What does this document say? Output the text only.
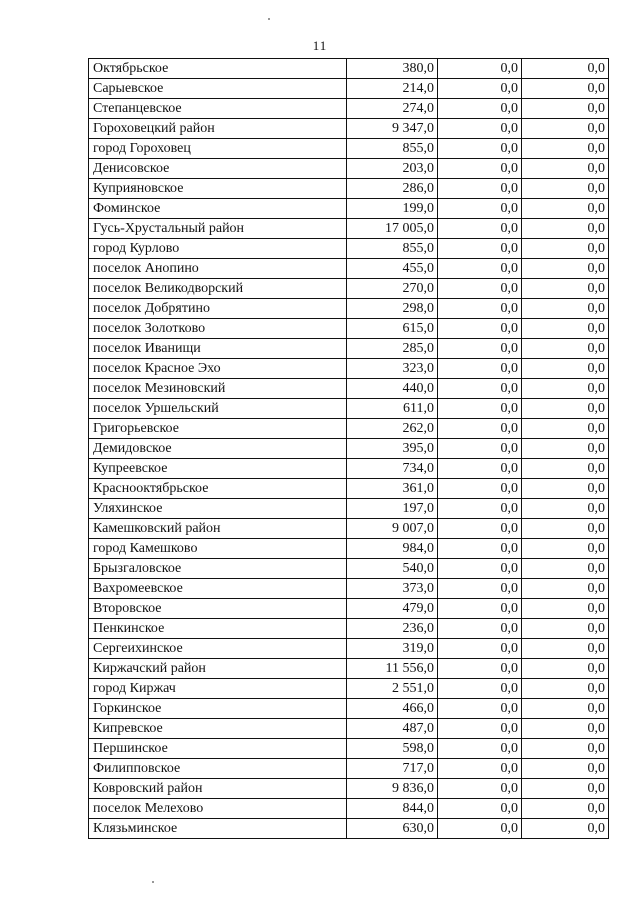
11
Октябрьское	380,0	0,0	0,0
Сарыевское	214,0	0,0	0,0
Степанцевское	274,0	0,0	0,0
Гороховецкий район	9 347,0	0,0	0,0
город Гороховец	855,0	0,0	0,0
Денисовское	203,0	0,0	0,0
Куприяновское	286,0	0,0	0,0
Фоминское	199,0	0,0	0,0
Гусь-Хрустальный район	17 005,0	0,0	0,0
город Курлово	855,0	0,0	0,0
поселок Анопино	455,0	0,0	0,0
поселок Великодворский	270,0	0,0	0,0
поселок Добрятино	298,0	0,0	0,0
поселок Золотково	615,0	0,0	0,0
поселок Иванищи	285,0	0,0	0,0
поселок Красное Эхо	323,0	0,0	0,0
поселок Мезиновский	440,0	0,0	0,0
поселок Уршельский	611,0	0,0	0,0
Григорьевское	262,0	0,0	0,0
Демидовское	395,0	0,0	0,0
Купреевское	734,0	0,0	0,0
Краснооктябрьское	361,0	0,0	0,0
Уляхинское	197,0	0,0	0,0
Камешковский район	9 007,0	0,0	0,0
город Камешково	984,0	0,0	0,0
Брызгаловское	540,0	0,0	0,0
Вахромеевское	373,0	0,0	0,0
Второвское	479,0	0,0	0,0
Пенкинское	236,0	0,0	0,0
Сергеихинское	319,0	0,0	0,0
Киржачский район	11 556,0	0,0	0,0
город Киржач	2 551,0	0,0	0,0
Горкинское	466,0	0,0	0,0
Кипревское	487,0	0,0	0,0
Першинское	598,0	0,0	0,0
Филипповское	717,0	0,0	0,0
Ковровский район	9 836,0	0,0	0,0
поселок Мелехово	844,0	0,0	0,0
Клязьминское	630,0	0,0	0,0
